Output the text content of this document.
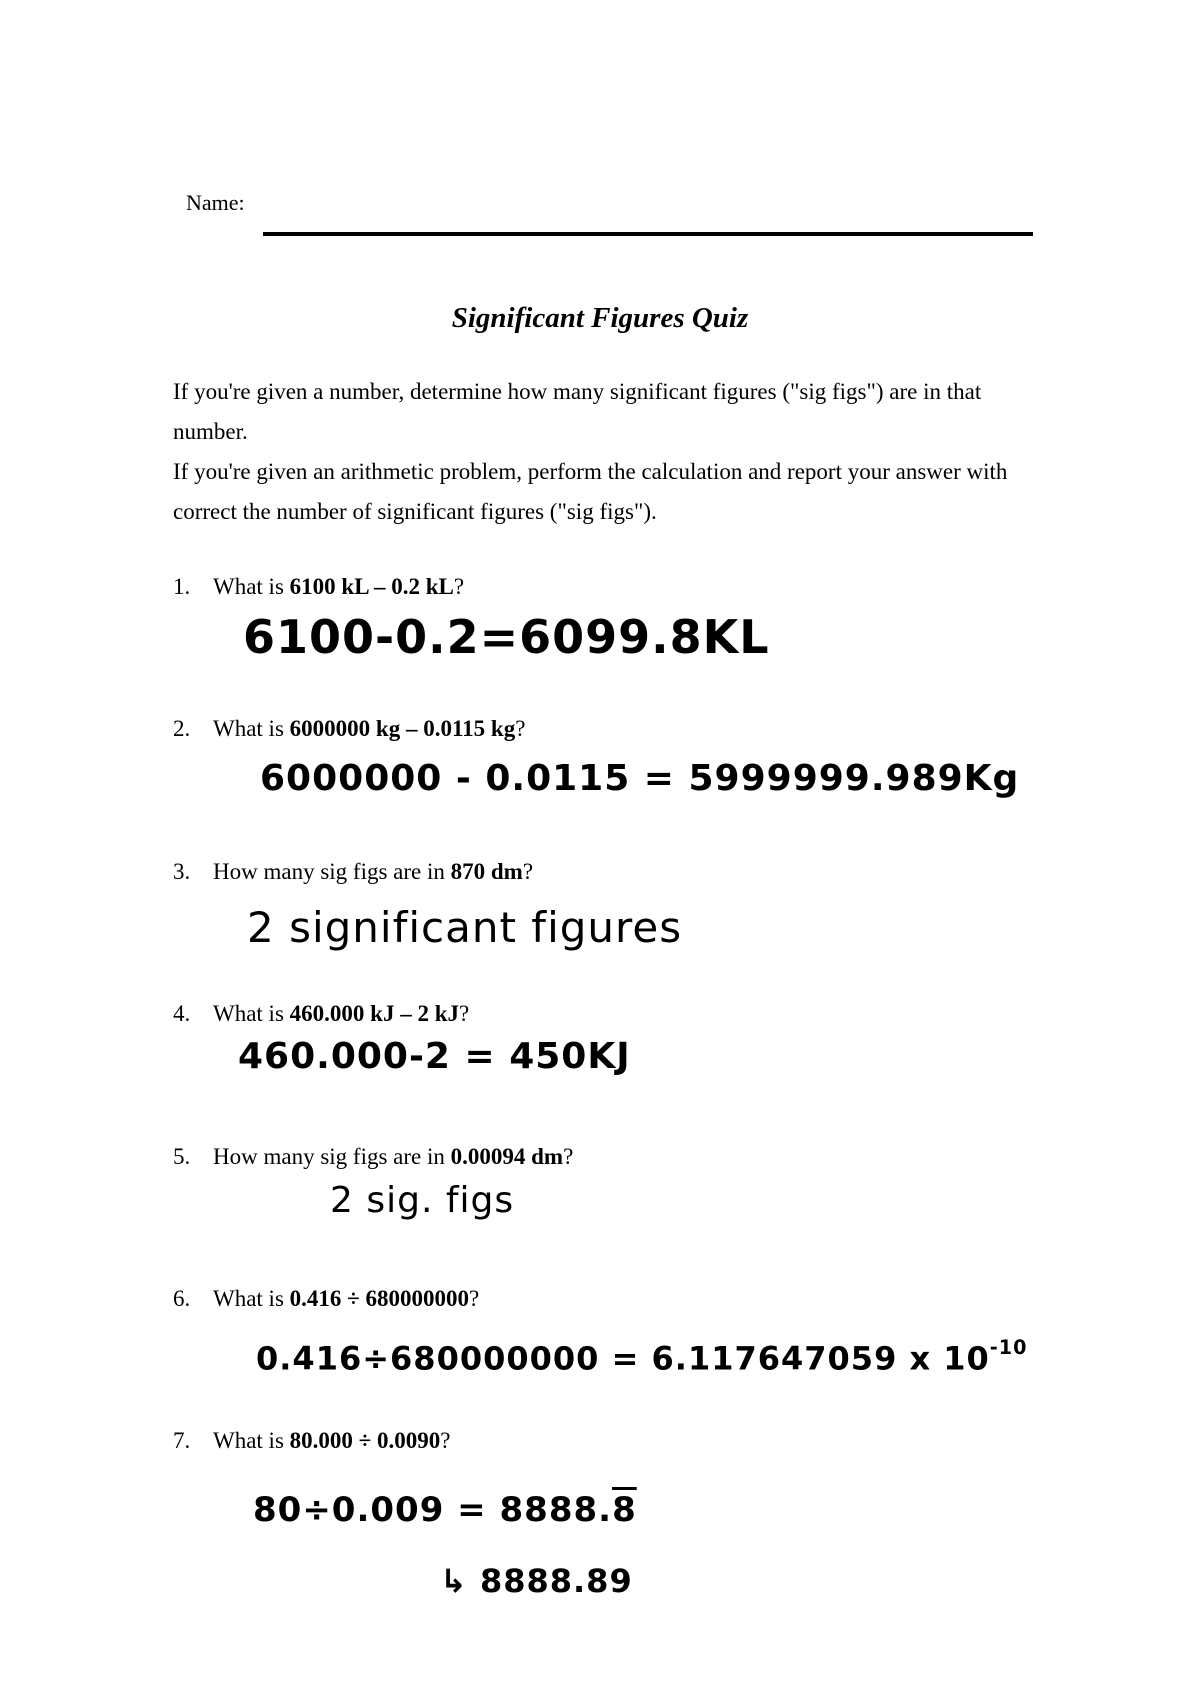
Name:
Significant Figures Quiz

If you're given a number, determine how many significant figures ("sig figs") are in that number.

If you're given an arithmetic problem, perform the calculation and report your answer with correct the number of significant figures ("sig figs").

1. What is 6100 kL – 0.2 kL?
6100-0.2=6099.8KL
2. What is 6000000 kg – 0.0115 kg?
6000000 - 0.0115 = 5999999.989Kg
3. How many sig figs are in 870 dm?
2 significant figures
4. What is 460.000 kJ – 2 kJ?
460.000-2 = 450KJ
5. How many sig figs are in 0.00094 dm?
2 sig. figs
6. What is 0.416 ÷ 680000000?
0.416÷680000000 = 6.117647059 x $10^{-10}$
7. What is 80.000 ÷ 0.0090?
80÷0.009 = 8888.8
↳ 8888.89
